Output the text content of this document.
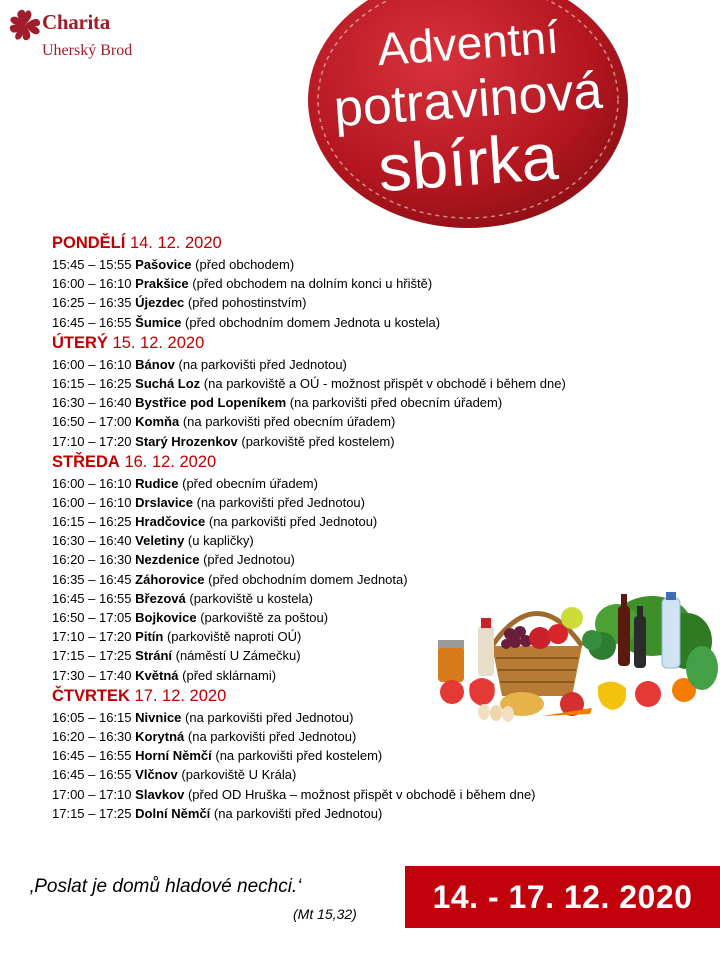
Charita
Uherský Brod	Adventní
potravinová
sbírka
PONDĚLÍ 14. 12. 2020
15:45 – 15:55 Pašovice (před obchodem)
16:00 – 16:10 Prakšice (před obchodem na dolním konci u hřiště)
16:25 – 16:35 Újezdec (před pohostinstvím)
16:45 – 16:55 Šumice (před obchodním domem Jednota u kostela)
ÚTERÝ 15. 12. 2020
16:00 – 16:10 Bánov (na parkovišti před Jednotou)
16:15 – 16:25 Suchá Loz (na parkoviště a OÚ - možnost přispět v obchodě i během dne)
16:30 – 16:40 Bystřice pod Lopeníkem (na parkovišti před obecním úřadem)
16:50 – 17:00 Komňa (na parkovišti před obecním úřadem)
17:10 – 17:20 Starý Hrozenkov (parkoviště před kostelem)
STŘEDA 16. 12. 2020
16:00 – 16:10 Rudice (před obecním úřadem)
16:00 – 16:10 Drslavice (na parkovišti před Jednotou)
16:15 – 16:25 Hradčovice (na parkovišti před Jednotou)
16:30 – 16:40 Veletiny (u kapličky)
16:20 – 16:30 Nezdenice (před Jednotou)
16:35 – 16:45 Záhorovice (před obchodním domem Jednota)
16:45 – 16:55 Březová (parkoviště u kostela)
16:50 – 17:05 Bojkovice (parkoviště za poštou)
17:10 – 17:20 Pitín (parkoviště naproti OÚ)
17:15 – 17:25 Strání (náměstí U Zámečku)
17:30 – 17:40 Květná (před sklárnami)
ČTVRTEK 17. 12. 2020
16:05 – 16:15 Nivnice (na parkovišti před Jednotou)
16:20 – 16:30 Korytná (na parkovišti před Jednotou)
16:45 – 16:55 Horní Němčí (na parkovišti před kostelem)
16:45 – 16:55 Vlčnov (parkoviště U Krála)
17:00 – 17:10 Slavkov (před OD Hruška – možnost přispět v obchodě i během dne)
17:15 – 17:25 Dolní Němčí (na parkovišti před Jednotou)
‚Poslat je domů hladové nechci.‘
(Mt 15,32)	14. - 17. 12. 2020
